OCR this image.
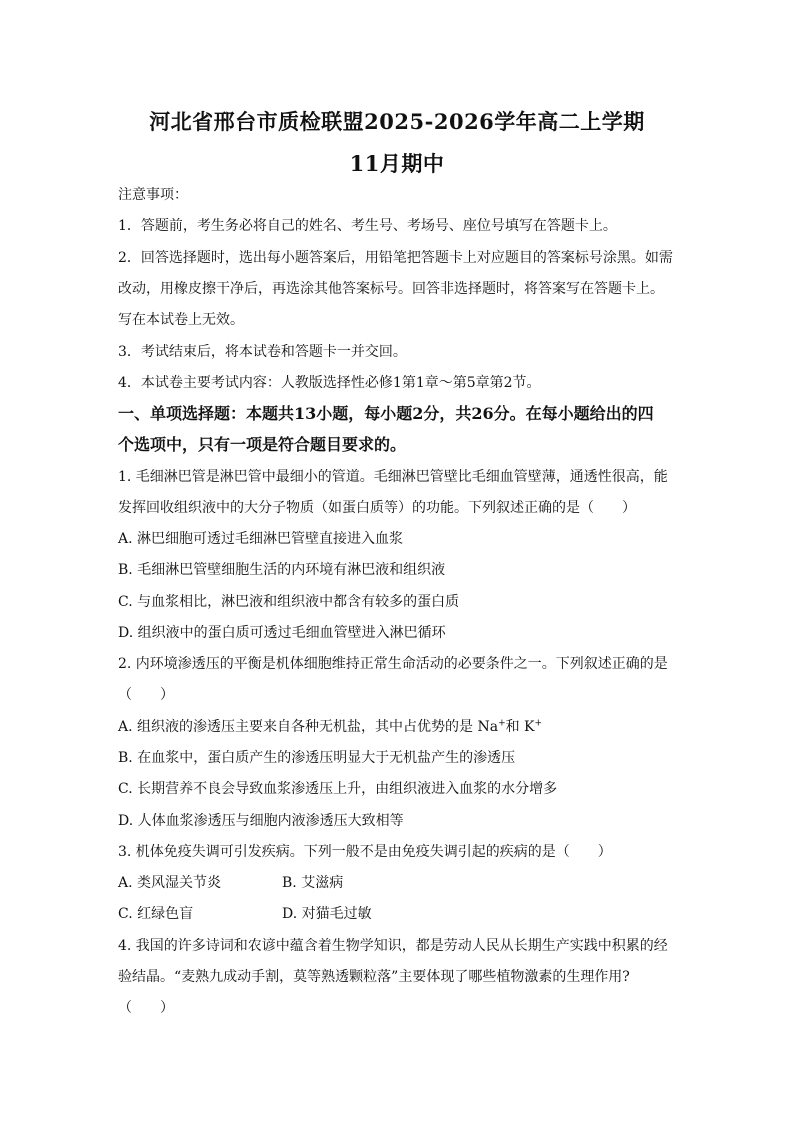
河北省邢台市质检联盟2025-2026学年高二上学期
11月期中
注意事项：
1．答题前，考生务必将自己的姓名、考生号、考场号、座位号填写在答题卡上。
2．回答选择题时，选出每小题答案后，用铅笔把答题卡上对应题目的答案标号涂黑。如需
改动，用橡皮擦干净后，再选涂其他答案标号。回答非选择题时，将答案写在答题卡上。
写在本试卷上无效。
3．考试结束后，将本试卷和答题卡一并交回。
4．本试卷主要考试内容：人教版选择性必修1第1章～第5章第2节。
一、单项选择题：本题共13小题，每小题2分，共26分。在每小题给出的四
个选项中，只有一项是符合题目要求的。
1. 毛细淋巴管是淋巴管中最细小的管道。毛细淋巴管壁比毛细血管壁薄，通透性很高，能
发挥回收组织液中的大分子物质（如蛋白质等）的功能。下列叙述正确的是（　　）
A. 淋巴细胞可透过毛细淋巴管壁直接进入血浆
B. 毛细淋巴管壁细胞生活的内环境有淋巴液和组织液
C. 与血浆相比，淋巴液和组织液中都含有较多的蛋白质
D. 组织液中的蛋白质可透过毛细血管壁进入淋巴循环
2. 内环境渗透压的平衡是机体细胞维持正常生命活动的必要条件之一。下列叙述正确的是
（　　）
A. 组织液的渗透压主要来自各种无机盐，其中占优势的是 Na+和 K+
B. 在血浆中，蛋白质产生的渗透压明显大于无机盐产生的渗透压
C. 长期营养不良会导致血浆渗透压上升，由组织液进入血浆的水分增多
D. 人体血浆渗透压与细胞内液渗透压大致相等
3. 机体免疫失调可引发疾病。下列一般不是由免疫失调引起的疾病的是（　　）
A. 类风湿关节炎	B. 艾滋病
C. 红绿色盲	D. 对猫毛过敏
4. 我国的许多诗词和农谚中蕴含着生物学知识，都是劳动人民从长期生产实践中积累的经
验结晶。“麦熟九成动手割，莫等熟透颗粒落”主要体现了哪些植物激素的生理作用?
（　　）
